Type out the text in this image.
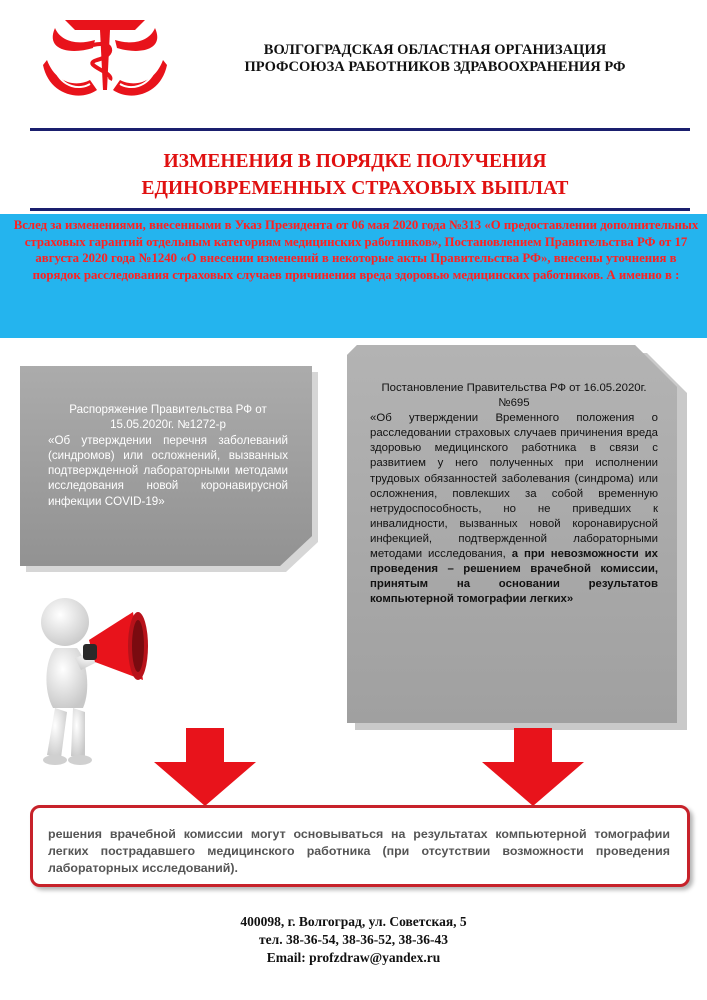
ВОЛГОГРАДСКАЯ ОБЛАСТНАЯ ОРГАНИЗАЦИЯ
ПРОФСОЮЗА РАБОТНИКОВ ЗДРАВООХРАНЕНИЯ РФ
ИЗМЕНЕНИЯ В ПОРЯДКЕ ПОЛУЧЕНИЯ
ЕДИНОВРЕМЕННЫХ СТРАХОВЫХ ВЫПЛАТ
Вслед за изменениями, внесенными в Указ Президента от 06 мая 2020 года №313 «О предоставлении дополнительных страховых гарантий отдельным категориям медицинских работников», Постановлением Правительства РФ от 17 августа 2020 года №1240 «О внесении изменений в некоторые акты Правительства РФ», внесены уточнения в порядок расследования страховых случаев причинения вреда здоровью медицинских работников. А именно в :
Распоряжение Правительства РФ от 15.05.2020г. №1272-р
«Об утверждении перечня заболеваний (синдромов) или осложнений, вызванных подтвержденной лабораторными методами исследования новой коронавирусной инфекции COVID-19»
Постановление Правительства РФ от 16.05.2020г. №695
«Об утверждении Временного положения о расследовании страховых случаев причинения вреда здоровью медицинского работника в связи с развитием у него полученных при исполнении трудовых обязанностей заболевания (синдрома) или осложнения, повлекших за собой временную нетрудоспособность, но не приведших к инвалидности, вызванных новой коронавирусной инфекцией, подтвержденной лабораторными методами исследования, а при невозможности их проведения – решением врачебной комиссии, принятым на основании результатов компьютерной томографии легких»
решения врачебной комиссии могут основываться на результатах компьютерной томографии легких пострадавшего медицинского работника (при отсутствии возможности проведения лабораторных исследований).
400098, г. Волгоград, ул. Советская, 5
тел. 38-36-54, 38-36-52, 38-36-43
Email: profzdraw@yandex.ru
